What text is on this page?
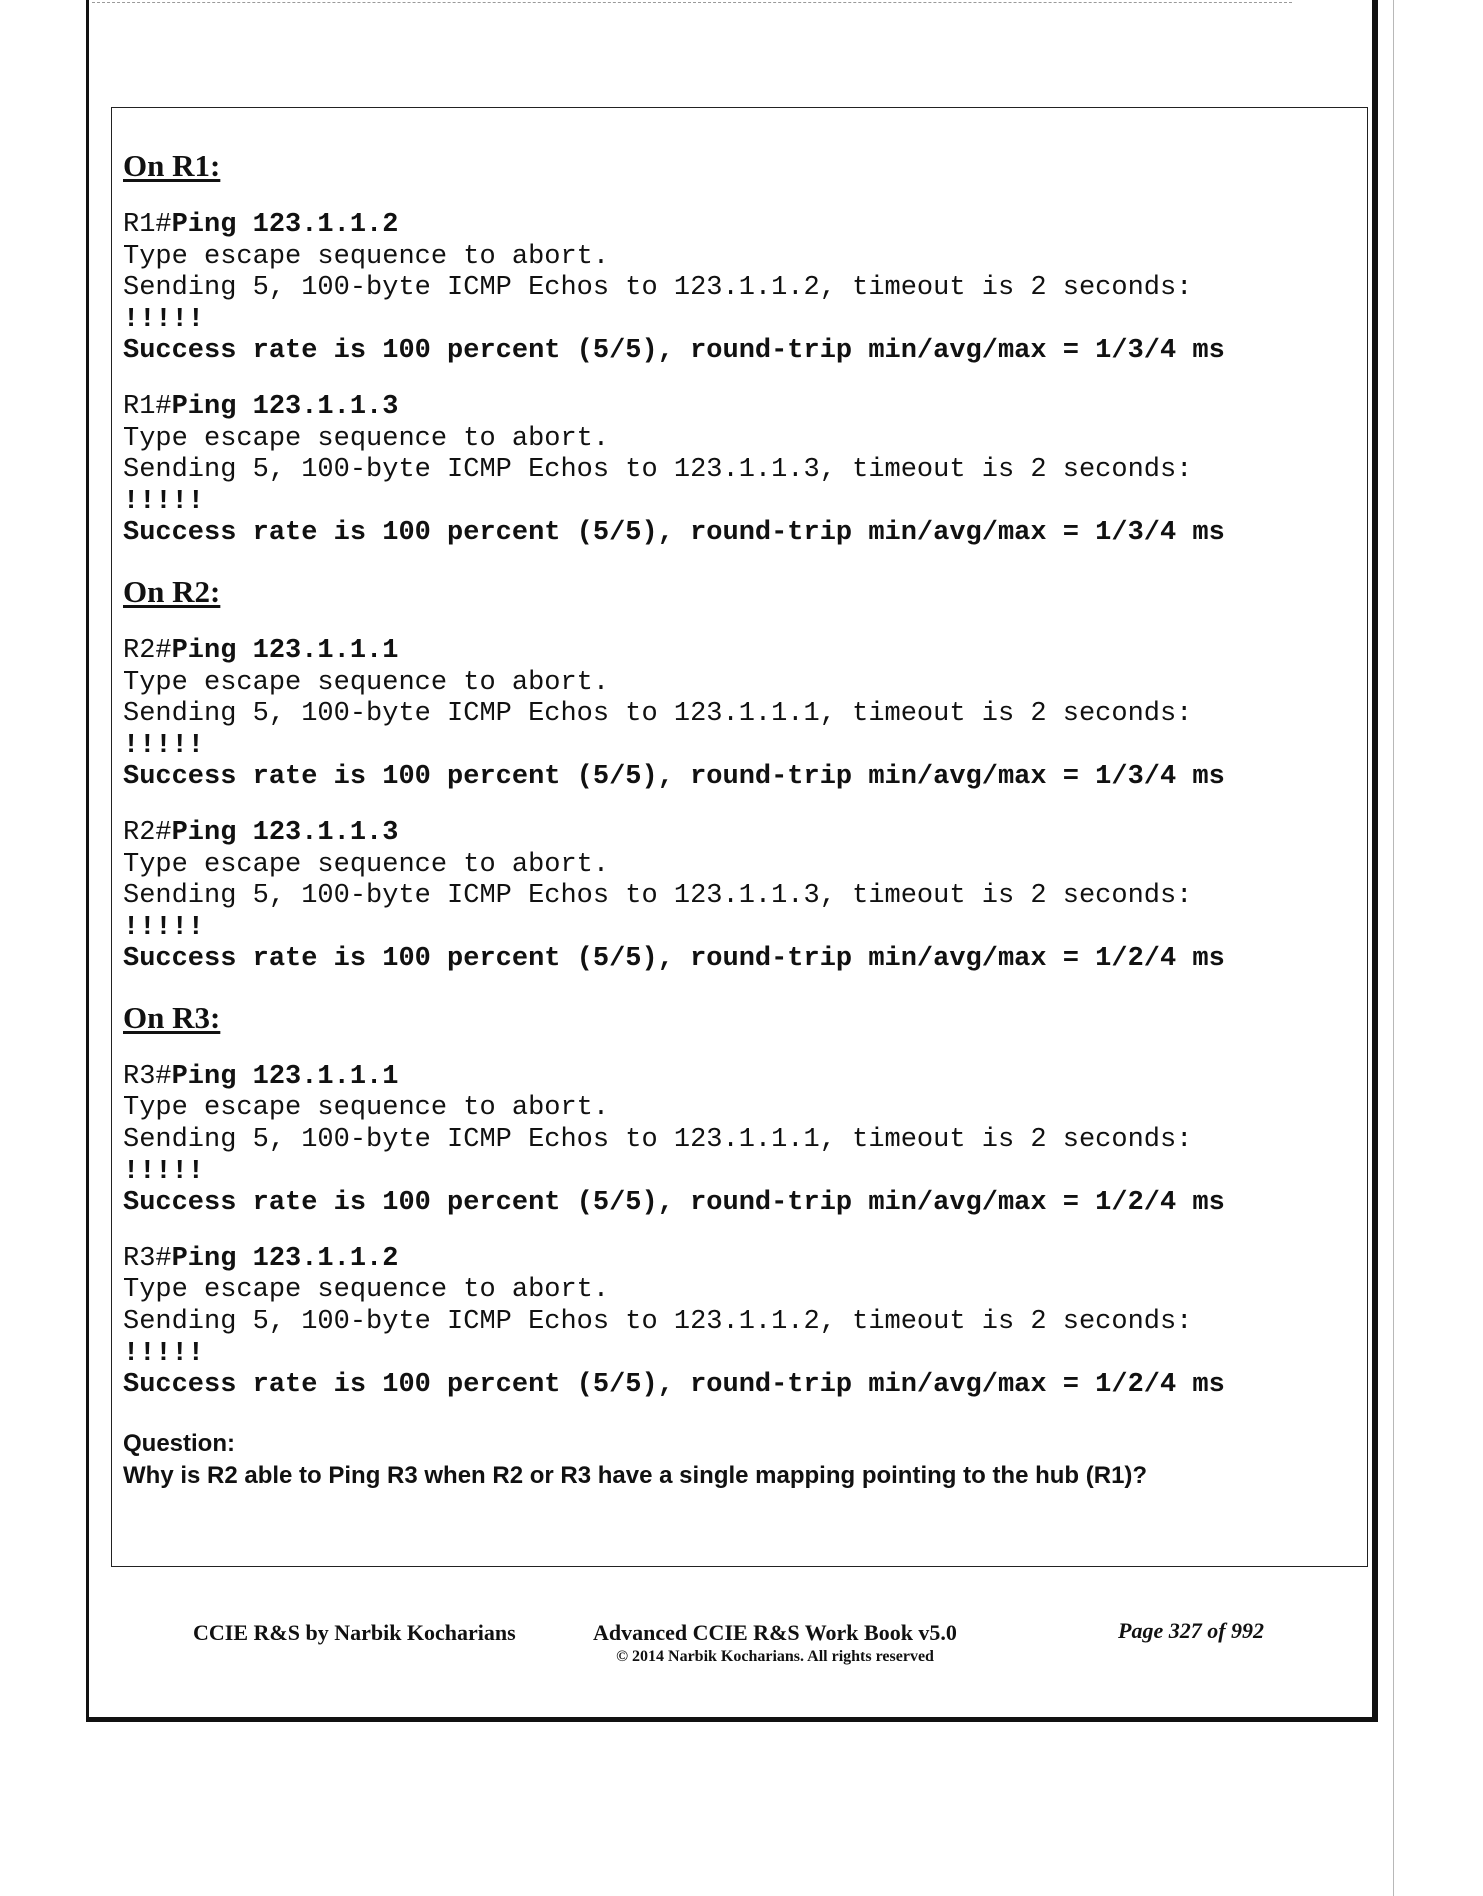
On R1:

R1#Ping 123.1.1.2

Type escape sequence to abort.

Sending 5, 100-byte ICMP Echos to 123.1.1.2, timeout is 2 seconds:

!!!!!

Success rate is 100 percent (5/5), round-trip min/avg/max = 1/3/4 ms

R1#Ping 123.1.1.3

Type escape sequence to abort.

Sending 5, 100-byte ICMP Echos to 123.1.1.3, timeout is 2 seconds:

!!!!!

Success rate is 100 percent (5/5), round-trip min/avg/max = 1/3/4 ms

On R2:

R2#Ping 123.1.1.1

Type escape sequence to abort.

Sending 5, 100-byte ICMP Echos to 123.1.1.1, timeout is 2 seconds:

!!!!!

Success rate is 100 percent (5/5), round-trip min/avg/max = 1/3/4 ms

R2#Ping 123.1.1.3

Type escape sequence to abort.

Sending 5, 100-byte ICMP Echos to 123.1.1.3, timeout is 2 seconds:

!!!!!

Success rate is 100 percent (5/5), round-trip min/avg/max = 1/2/4 ms

On R3:

R3#Ping 123.1.1.1

Type escape sequence to abort.

Sending 5, 100-byte ICMP Echos to 123.1.1.1, timeout is 2 seconds:

!!!!!

Success rate is 100 percent (5/5), round-trip min/avg/max = 1/2/4 ms

R3#Ping 123.1.1.2

Type escape sequence to abort.

Sending 5, 100-byte ICMP Echos to 123.1.1.2, timeout is 2 seconds:

!!!!!

Success rate is 100 percent (5/5), round-trip min/avg/max = 1/2/4 ms

Question:

Why is R2 able to Ping R3 when R2 or R3 have a single mapping pointing to the hub (R1)?

CCIE R&S by Narbik Kocharians	Advanced CCIE R&S Work Book v5.0
© 2014 Narbik Kocharians. All rights reserved
Page 327 of 992
